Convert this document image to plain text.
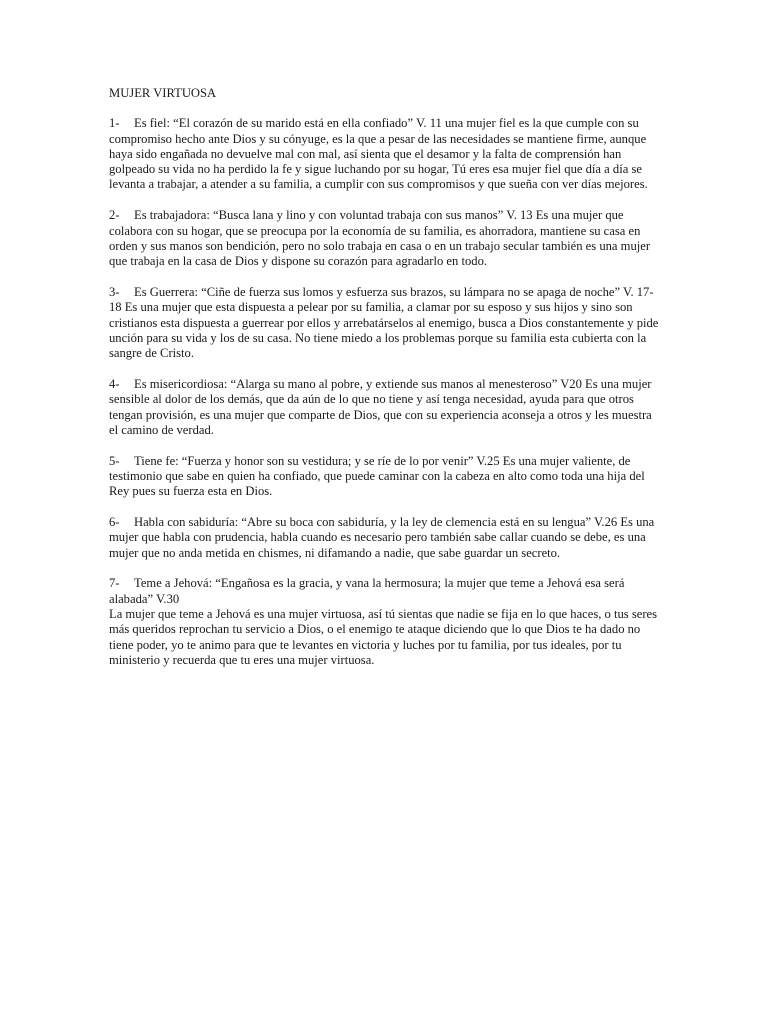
MUJER VIRTUOSA
1- Es fiel: “El corazón de su marido está en ella confiado” V. 11 una mujer fiel es la que cumple con su compromiso hecho ante Dios y su cónyuge, es la que a pesar de las necesidades se mantiene firme, aunque haya sido engañada no devuelve mal con mal, así sienta que el desamor y la falta de comprensión han golpeado su vida no ha perdido la fe y sigue luchando por su hogar, Tú eres esa mujer fiel que día a día se levanta a trabajar, a atender a su familia, a cumplir con sus compromisos y que sueña con ver días mejores.
2- Es trabajadora: “Busca lana y lino y con voluntad trabaja con sus manos” V. 13 Es una mujer que colabora con su hogar, que se preocupa por la economía de su familia, es ahorradora, mantiene su casa en orden y sus manos son bendición, pero no solo trabaja en casa o en un trabajo secular también es una mujer que trabaja en la casa de Dios y dispone su corazón para agradarlo en todo.
3- Es Guerrera: “Ciñe de fuerza sus lomos y esfuerza sus brazos, su lámpara no se apaga de noche” V. 17-18 Es una mujer que esta dispuesta a pelear por su familia, a clamar por su esposo y sus hijos y sino son cristianos esta dispuesta a guerrear por ellos y arrebatárselos al enemigo, busca a Dios constantemente y pide unción para su vida y los de su casa. No tiene miedo a los problemas porque su familia esta cubierta con la sangre de Cristo.
4- Es misericordiosa: “Alarga su mano al pobre, y extiende sus manos al menesteroso” V20 Es una mujer sensible al dolor de los demás, que da aún de lo que no tiene y así tenga necesidad, ayuda para que otros tengan provisión, es una mujer que comparte de Dios, que con su experiencia aconseja a otros y les muestra el camino de verdad.
5- Tiene fe: “Fuerza y honor son su vestidura; y se ríe de lo por venir” V.25 Es una mujer valiente, de testimonio que sabe en quien ha confiado, que puede caminar con la cabeza en alto como toda una hija del Rey pues su fuerza esta en Dios.
6- Habla con sabiduría: “Abre su boca con sabiduría, y la ley de clemencia está en su lengua” V.26 Es una mujer que habla con prudencia, habla cuando es necesario pero también sabe callar cuando se debe, es una mujer que no anda metida en chismes, ni difamando a nadie, que sabe guardar un secreto.
7- Teme a Jehová: “Engañosa es la gracia, y vana la hermosura; la mujer que teme a Jehová esa será alabada” V.30

La mujer que teme a Jehová es una mujer virtuosa, así tú sientas que nadie se fija en lo que haces, o tus seres más queridos reprochan tu servicio a Dios, o el enemigo te ataque diciendo que lo que Dios te ha dado no tiene poder, yo te animo para que te levantes en victoria y luches por tu familia, por tus ideales, por tu ministerio y recuerda que tu eres una mujer virtuosa.
